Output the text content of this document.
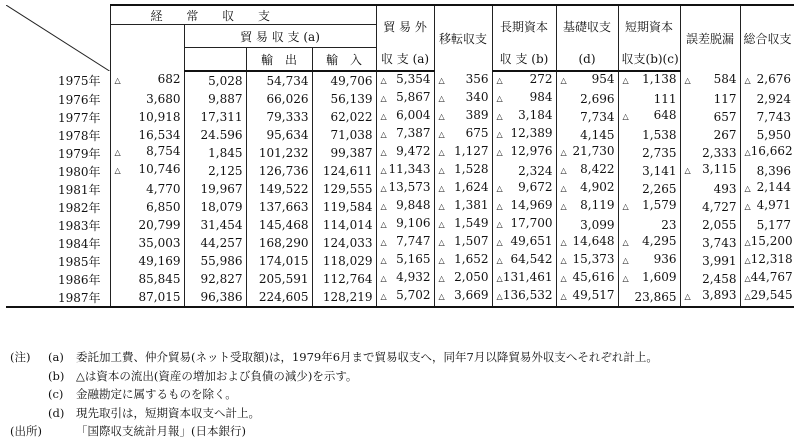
	経 常 収 支				貿 易 外	移転収支	長期資本	基礎収支	短期資本	誤差脱漏	総合収支
		貿 易 収 支 (a)									
			輸　出	輸　入	収 支 (a)		収 支 (b)	(d)	収支(b)(c)		
1975年	△ 682	5,028	54,734	49,706	△ 5,354	△ 356	△ 272	△ 954	△ 1,138	△ 584	△ 2,676
1976年	3,680	9,887	66,026	56,139	△ 5,867	△ 340	△ 984	2,696	111	117	2,924
1977年	10,918	17,311	79,333	62,022	△ 6,004	△ 389	△ 3,184	7,734	△ 648	657	7,743
1978年	16,534	24.596	95,634	71,038	△ 7,387	△ 675	△ 12,389	4,145	1,538	267	5,950
1979年	△ 8,754	1,845	101,232	99,387	△ 9,472	△ 1,127	△ 12,976	△ 21,730	2,735	2,333	△ 16,662
1980年	△ 10,746	2,125	126,736	124,611	△ 11,343	△ 1,528	2,324	△ 8,422	3,141	△ 3,115	8,396
1981年	4,770	19,967	149,522	129,555	△ 13,573	△ 1,624	△ 9,672	△ 4,902	2,265	493	△ 2,144
1982年	6,850	18,079	137,663	119,584	△ 9,848	△ 1,381	△ 14,969	△ 8,119	△ 1,579	4,727	△ 4,971
1983年	20,799	31,454	145,468	114,014	△ 9,106	△ 1,549	△ 17,700	3,099	23	2,055	5,177
1984年	35,003	44,257	168,290	124,033	△ 7,747	△ 1,507	△ 49,651	△ 14,648	△ 4,295	3,743	△ 15,200
1985年	49,169	55,986	174,015	118,029	△ 5,165	△ 1,652	△ 64,542	△ 15,373	△ 936	3,991	△ 12,318
1986年	85,845	92,827	205,591	112,764	△ 4,932	△ 2,050	△ 131,461	△ 45,616	△ 1,609	2,458	△ 44,767
1987年	87,015	96,386	224,605	128,219	△ 5,702	△ 3,669	△ 136,532	△ 49,517	23,865	△ 3,893	△ 29,545
(注)	(a)	委託加工費、仲介貿易(ネット受取額)は，1979年6月まで貿易収支へ，同年7月以降貿易外収支へそれぞれ計上。
(b)	△は資本の流出(資産の増加および負債の減少)を示す。
(c)	金融勘定に属するものを除く。
(d)	現先取引は，短期資本収支へ計上。
(出所)	「国際収支統計月報」(日本銀行)
